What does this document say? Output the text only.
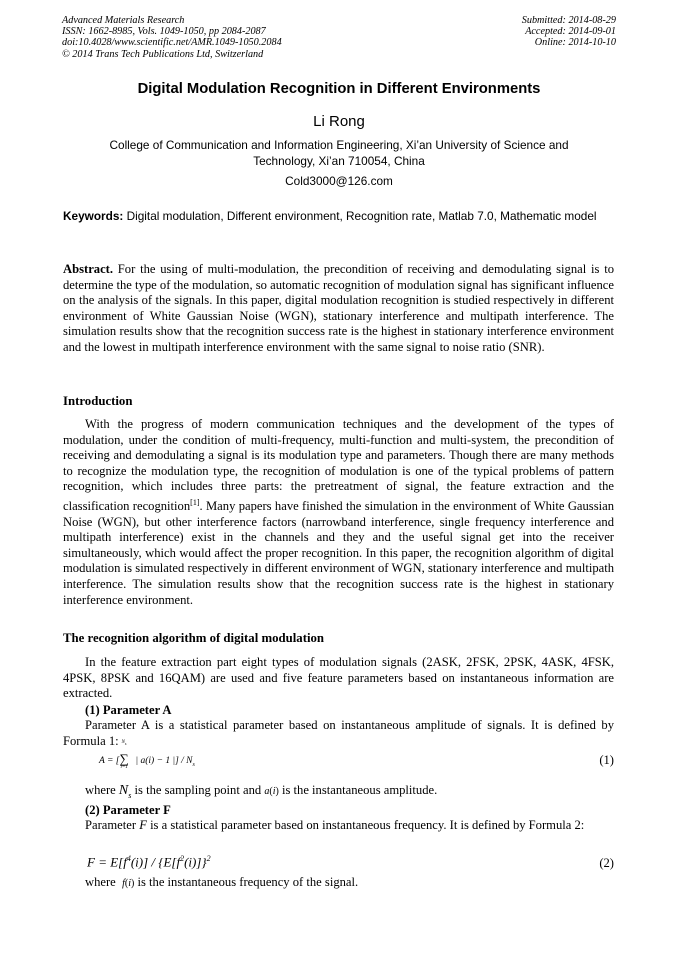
Advanced Materials Research
ISSN: 1662-8985, Vols. 1049-1050, pp 2084-2087
doi:10.4028/www.scientific.net/AMR.1049-1050.2084
© 2014 Trans Tech Publications Ltd, Switzerland
Submitted: 2014-08-29
Accepted: 2014-09-01
Online: 2014-10-10
Digital Modulation Recognition in Different Environments
Li Rong
College of Communication and Information Engineering, Xi’an University of Science and Technology, Xi’an 710054, China
Cold3000@126.com
Keywords: Digital modulation, Different environment, Recognition rate, Matlab 7.0, Mathematic model
Abstract. For the using of multi-modulation, the precondition of receiving and demodulating signal is to determine the type of the modulation, so automatic recognition of modulation signal has significant influence on the analysis of the signals. In this paper, digital modulation recognition is studied respectively in different environment of White Gaussian Noise (WGN), stationary interference and multipath interference. The simulation results show that the recognition success rate is the highest in stationary interference environment and the lowest in multipath interference environment with the same signal to noise ratio (SNR).
Introduction
With the progress of modern communication techniques and the development of the types of modulation, under the condition of multi-frequency, multi-function and multi-system, the precondition of receiving and demodulating a signal is its modulation type and parameters. Though there are many methods to recognize the modulation type, the recognition of modulation is one of the typical problems of pattern recognition, which includes three parts: the pretreatment of signal, the feature extraction and the classification recognition[1]. Many papers have finished the simulation in the environment of White Gaussian Noise (WGN), but other interference factors (narrowband interference, single frequency interference and multipath interference) exist in the channels and they and the useful signal get into the receiver simultaneously, which would affect the proper recognition. In this paper, the recognition algorithm of digital modulation is simulated respectively in different environment of WGN, stationary interference and multipath interference. The simulation results show that the recognition success rate is the highest in stationary interference environment.
The recognition algorithm of digital modulation
In the feature extraction part eight types of modulation signals (2ASK, 2FSK, 2PSK, 4ASK, 4FSK, 4PSK, 8PSK and 16QAM) are used and five feature parameters based on instantaneous information are extracted.
(1) Parameter A
Parameter A is a statistical parameter based on instantaneous amplitude of signals. It is defined by Formula 1:
A = [
$N_s$
∑
i=1
| a(i) − 1 |] / $N_s$	(1)
where $N_s$ is the sampling point and a(i) is the instantaneous amplitude.
(2) Parameter F
Parameter F is a statistical parameter based on instantaneous frequency. It is defined by Formula 2:
$F = E[f^4(i)] / \{E[f^2(i)]\}^2$	(2)
where f(i) is the instantaneous frequency of the signal.
